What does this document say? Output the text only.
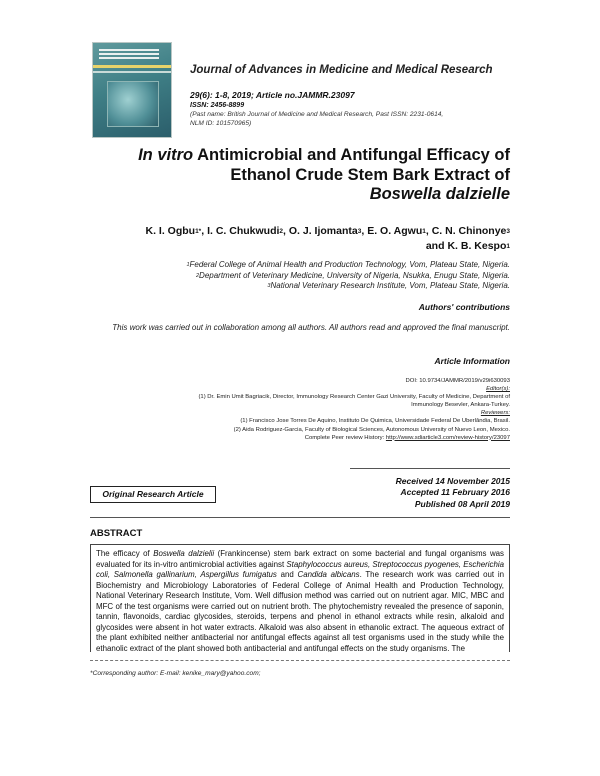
Journal of Advances in Medicine and Medical Research
29(6): 1-8, 2019; Article no.JAMMR.23097
ISSN: 2456-8899
(Past name: British Journal of Medicine and Medical Research, Past ISSN: 2231-0614,
NLM ID: 101570965)
In vitro Antimicrobial and Antifungal Efficacy of
Ethanol Crude Stem Bark Extract of
Boswella dalzielle
K. I. Ogbu$^{1*}$, I. C. Chukwudi$^2$, O. J. Ijomanta$^3$, E. O. Agwu$^1$, C. N. Chinonye$^3$
and K. B. Kespo$^1$
$^1$Federal College of Animal Health and Production Technology, Vom, Plateau State, Nigeria.
$^2$Department of Veterinary Medicine, University of Nigeria, Nsukka, Enugu State, Nigeria.
$^3$National Veterinary Research Institute, Vom, Plateau State, Nigeria.
Authors' contributions
This work was carried out in collaboration among all authors. All authors read and approved the final manuscript.
Article Information
DOI: 10.9734/JAMMR/2019/v29i630093
Editor(s):
(1) Dr. Emin Umit Bagriacik, Director, Immunology Research Center Gazi University, Faculty of Medicine, Department of
Immunology Besevler, Ankara-Turkey.
Reviewers:
(1) Francisco Jose Torres De Aquino, Instituto De Quimica, Universidade Federal De Uberlândia, Brasil.
(2) Aida Rodriguez-Garcia, Faculty of Biological Sciences, Autonomous University of Nuevo Leon, Mexico.
Complete Peer review History: http://www.sdiarticle3.com/review-history/23097
Received 14 November 2015
Accepted 11 February 2016
Published 08 April 2019
Original Research Article
ABSTRACT

The efficacy of Boswella dalzielii (Frankincense) stem bark extract on some bacterial and fungal organisms was evaluated for its in-vitro antimicrobial activities against Staphylococcus aureus, Streptococcus pyogenes, Escherichia coli, Salmonella gallinarium, Aspergillus fumigatus and Candida albicans. The research work was carried out in Biochemistry and Microbiology Laboratories of Federal College of Animal Health and Production Technology, National Veterinary Research Institute, Vom. Well diffusion method was carried out on nutrient agar. MIC, MBC and MFC of the test organisms were carried out on nutrient broth. The phytochemistry revealed the presence of saponin, tannin, flavonoids, cardiac glycosides, steroids, terpens and phenol in ethanol extracts while resin, alkaloid and glycosides were absent in hot water extracts. Alkaloid was also absent in ethanolic extract. The aqueous extract of the plant exhibited neither antibacterial nor antifungal effects against all test organisms used in the study while the ethanolic extract of the plant showed both antibacterial and antifungal effects on the study organisms. The

*Corresponding author: E-mail: kenike_mary@yahoo.com;
